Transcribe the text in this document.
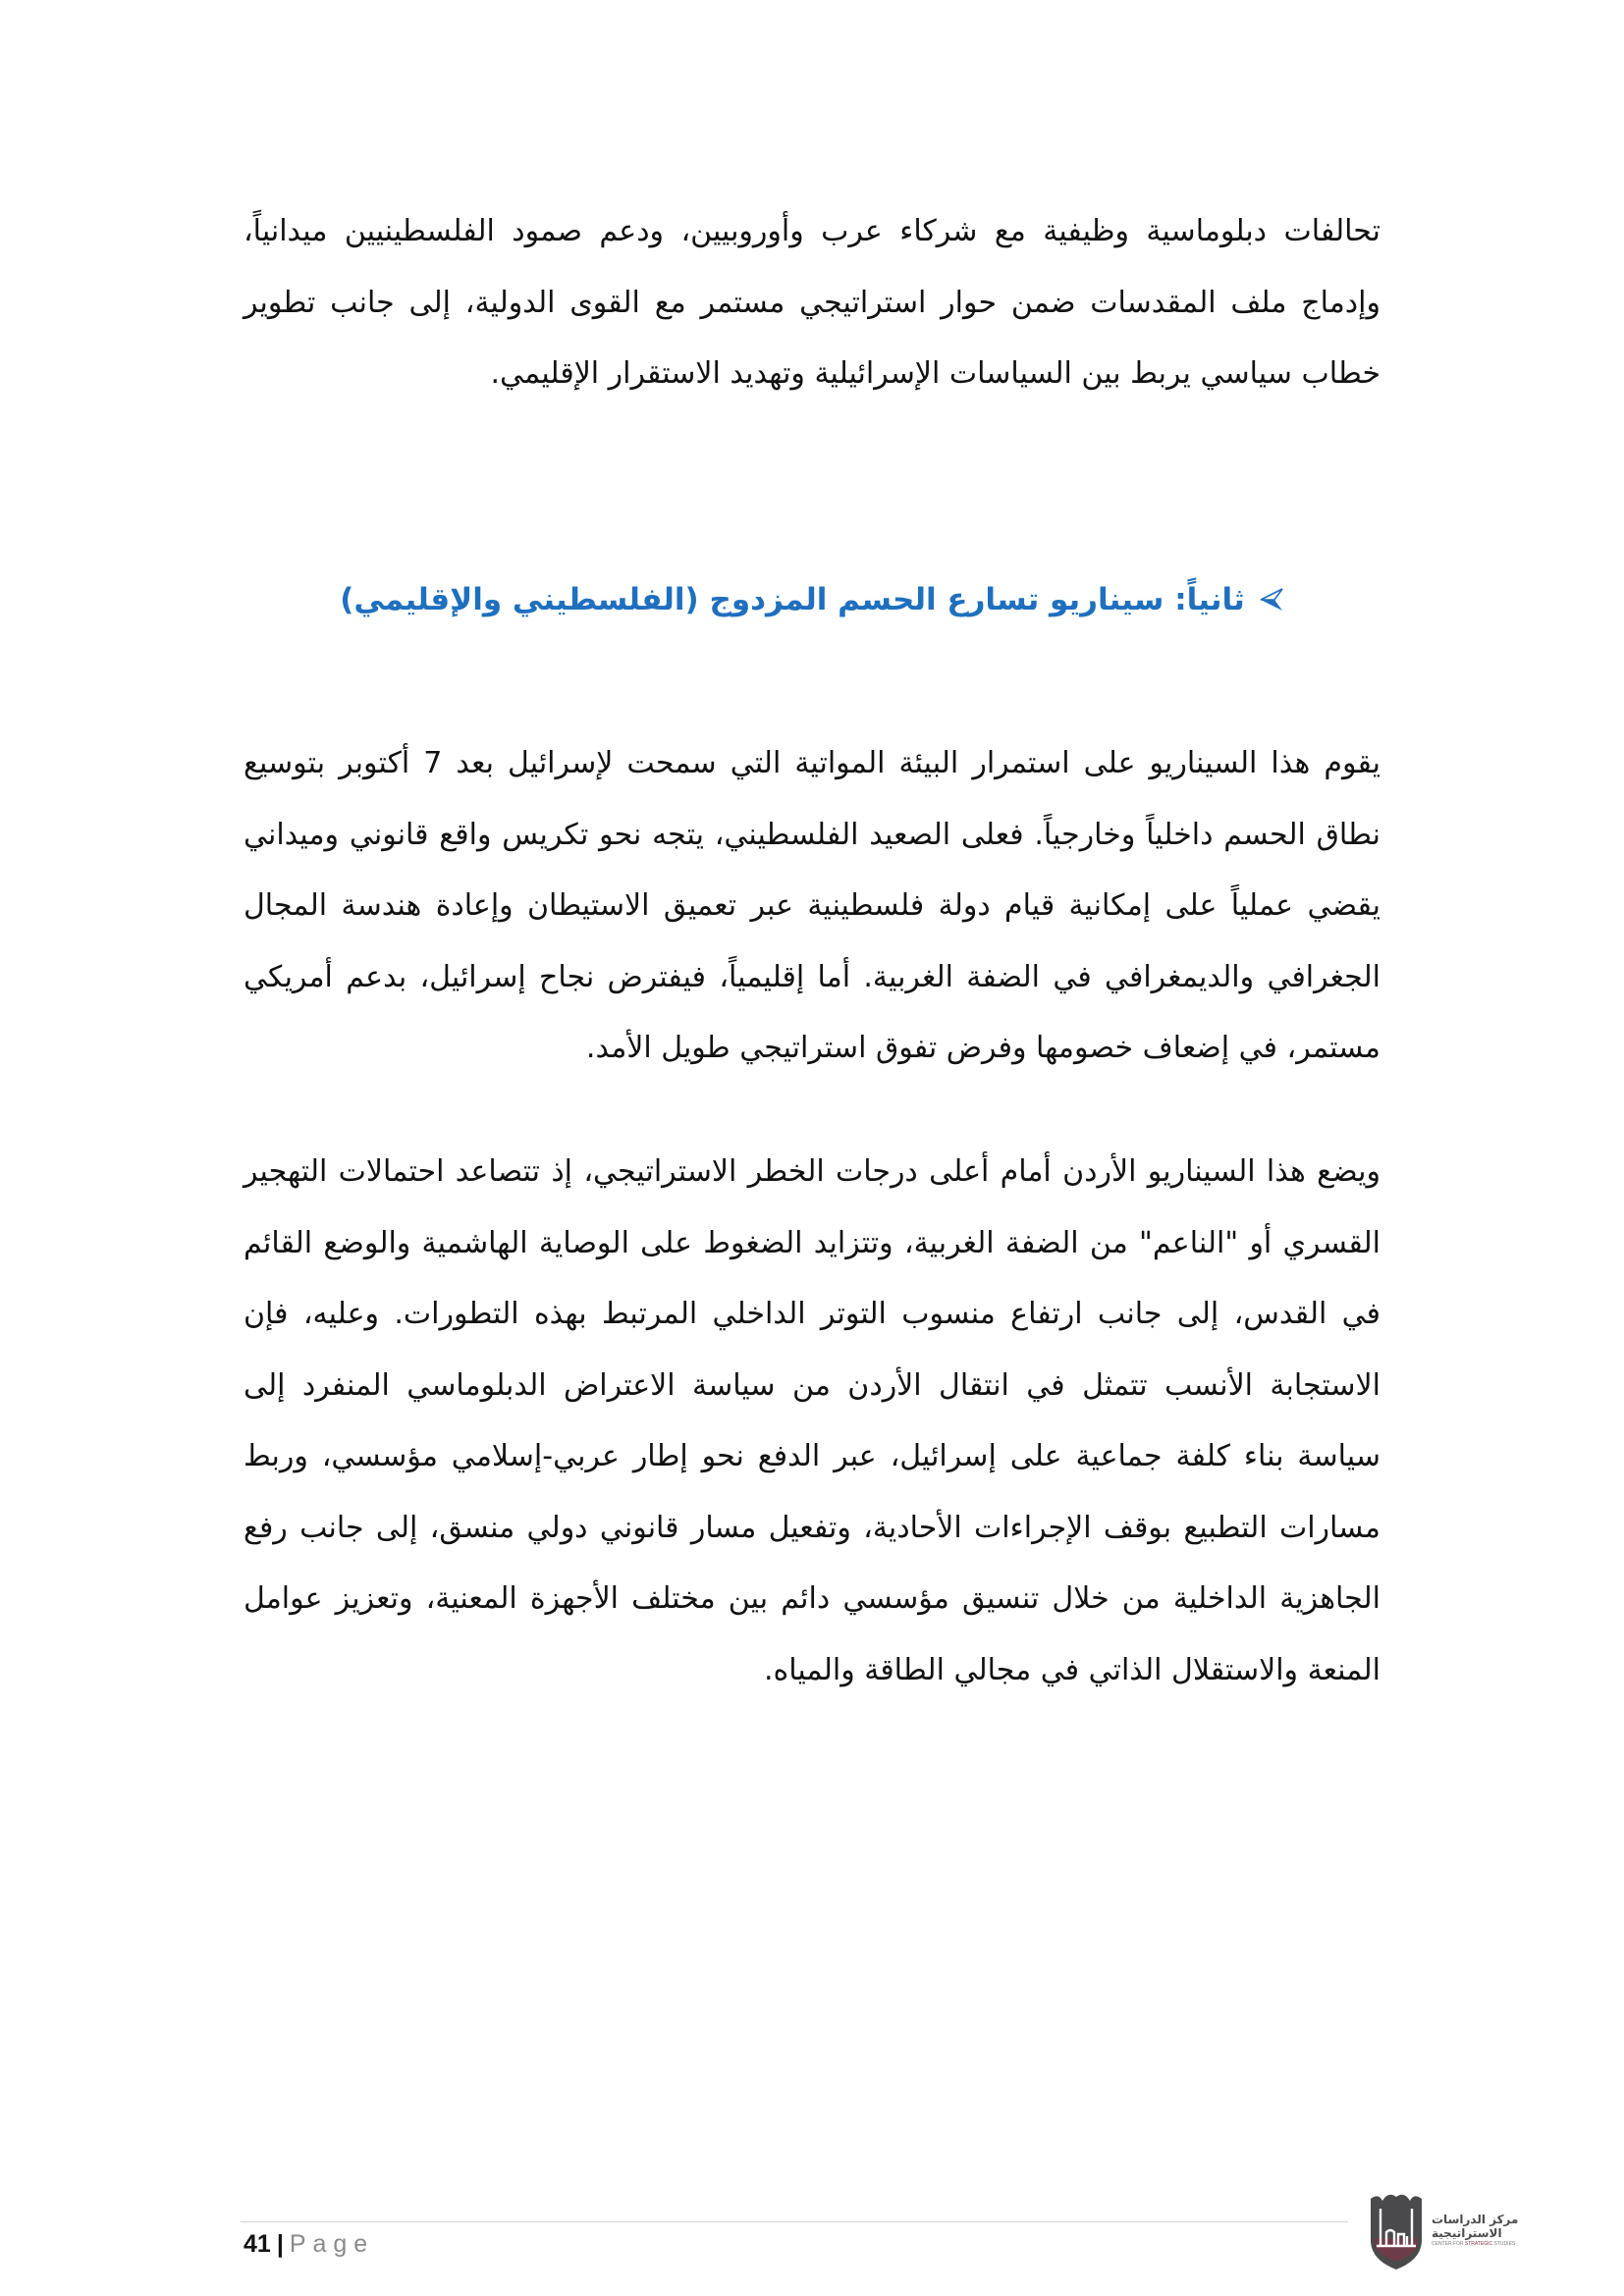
تحالفات دبلوماسية وظيفية مع شركاء عرب وأوروبيين، ودعم صمود الفلسطينيين ميدانياً، وإدماج ملف المقدسات ضمن حوار استراتيجي مستمر مع القوى الدولية، إلى جانب تطوير خطاب سياسي يربط بين السياسات الإسرائيلية وتهديد الاستقرار الإقليمي.

ثانياً: سيناريو تسارع الحسم المزدوج (الفلسطيني والإقليمي)

يقوم هذا السيناريو على استمرار البيئة المواتية التي سمحت لإسرائيل بعد 7 أكتوبر بتوسيع نطاق الحسم داخلياً وخارجياً. فعلى الصعيد الفلسطيني، يتجه نحو تكريس واقع قانوني وميداني يقضي عملياً على إمكانية قيام دولة فلسطينية عبر تعميق الاستيطان وإعادة هندسة المجال الجغرافي والديمغرافي في الضفة الغربية. أما إقليمياً، فيفترض نجاح إسرائيل، بدعم أمريكي مستمر، في إضعاف خصومها وفرض تفوق استراتيجي طويل الأمد.

ويضع هذا السيناريو الأردن أمام أعلى درجات الخطر الاستراتيجي، إذ تتصاعد احتمالات التهجير القسري أو "الناعم" من الضفة الغربية، وتتزايد الضغوط على الوصاية الهاشمية والوضع القائم في القدس، إلى جانب ارتفاع منسوب التوتر الداخلي المرتبط بهذه التطورات. وعليه، فإن الاستجابة الأنسب تتمثل في انتقال الأردن من سياسة الاعتراض الدبلوماسي المنفرد إلى سياسة بناء كلفة جماعية على إسرائيل، عبر الدفع نحو إطار عربي-إسلامي مؤسسي، وربط مسارات التطبيع بوقف الإجراءات الأحادية، وتفعيل مسار قانوني دولي منسق، إلى جانب رفع الجاهزية الداخلية من خلال تنسيق مؤسسي دائم بين مختلف الأجهزة المعنية، وتعزيز عوامل المنعة والاستقلال الذاتي في مجالي الطاقة والمياه.

41 | Page
مركز الدراسات
الاستراتيجية
CENTER FOR STRATEGIC STUDIES
